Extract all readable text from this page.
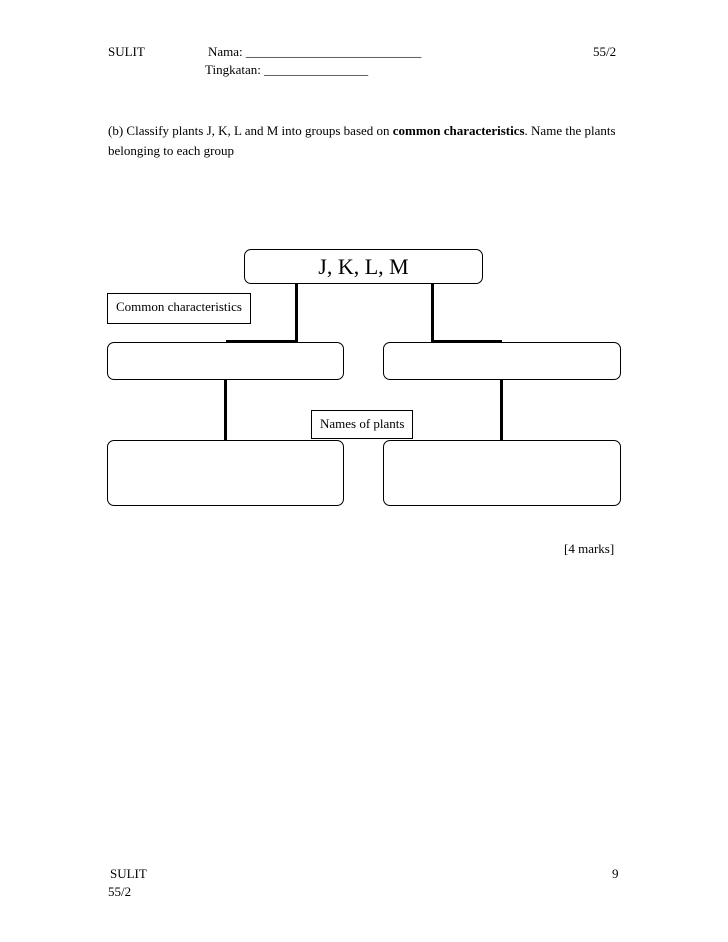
SULIT	Nama: ___________________________	55/2
Tingkatan: ________________
(b) Classify plants J, K, L and M into groups based on common characteristics. Name the plants belonging to each group
J, K, L, M
Common characteristics
Names of plants
[4 marks]
SULIT
55/2
9
